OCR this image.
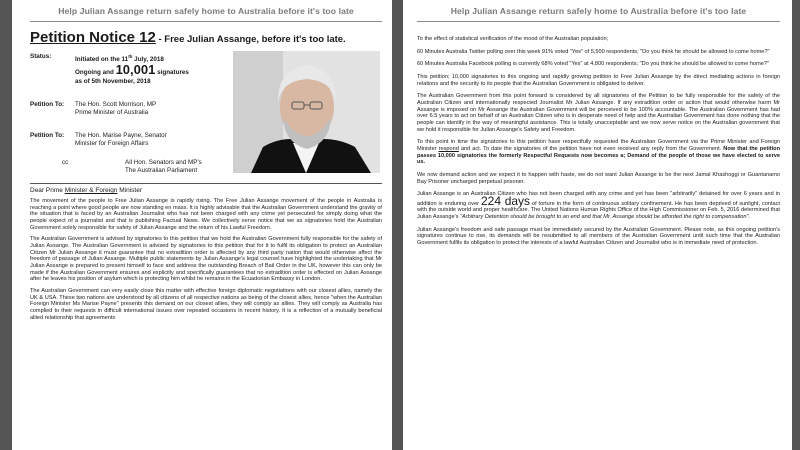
Help Julian Assange return safely home to Australia before it's too late
Petition Notice 12 - Free Julian Assange, before it's too late.
Status:	Initiated on the 11th July, 2018
Ongoing and 10,001 signatures
as of 5th November, 2018
Petition To: The Hon. Scott Morrison, MP
Prime Minister of Australia
Petition To: The Hon. Marise Payne, Senator
Minister for Foreign Affairs
cc	All Hon. Senators and MP's
The Australian Parliament
Dear Prime Minister & Foreign Minister

The movement of the people to Free Julian Assange is rapidly rising. The Free Julian Assange movement of the people in Australia is reaching a point where good people are now standing en mass. It is highly advisable that the Australian Government understand the gravity of the situation that is faced by an Australian Journalist who has not been charged with any crime yet persecuted for simply doing what the people expect of a journalist and that is publishing Factual News. We collectively serve notice that we as signatories hold the Australian Government solely responsible for safety of Julian Assange and the return of his Lawful Freedom.

The Australian Government is advised by signatories to this petition that we hold the Australian Government fully responsible for the safety of Julian Assange. The Australian Government is advised by signatories to this petition that for it to fulfil its obligation to protect an Australian Citizen Mr Julian Assange it must guarantee that no extradition order is affected by any third party nation that would otherwise affect the freedom of passage of Julian Assange. Multiple public statements by Julian Assange's legal counsel have highlighted the undertaking that Mr Julian Assange is prepared to present himself to face and address the outstanding Breach of Bail Order in the UK, however this can only be made if the Australian Government ensures and explicitly and specifically guarantees that no extradition order is effected on Julian Assange after he leaves his position of asylum which is protecting him whilst he remains in the Ecuadorian Embassy in London.

The Australian Government can very easily close this matter with effective foreign diplomatic negotiations with our closest allies, namely the UK & USA. These two nations are understood by all citizens of all respective nations as being of the closest allies, hence "when the Australian Foreign Minister Ms Marise Payne" presents this demand on our closest allies, they will comply as allies. They will comply as Australia has complied to their requests in difficult international issues over repeated occasions in recent history. It is a reflection of a mutually beneficial allied relationship that agreements

Help Julian Assange return safely home to Australia before it's too late

To the effect of statistical verification of the mood of the Australian population;

60 Minutes Australia Twitter polling over this week 91% voted "Yes" of 5,500 respondents; "Do you think he should be allowed to come home?"

60 Minutes Australia Facebook polling is currently 68% voted "Yes" at 4,800 respondents; "Do you think he should be allowed to come home?"

This petition; 10,000 signatories to this ongoing and rapidly growing petition to Free Julian Assange by the direct mediating actions in foreign relations and the security to its people that the Australian Government is obligated to deliver.

The Australian Government from this point forward is considered by all signatories of the Petition to be fully responsible for the safety of the Australian Citizen and internationally respected Journalist Mr Julian Assange. If any extradition order or action that would otherwise harm Mr Assange is imposed on Mr Assange the Australian Government will be perceived to be 100% accountable. The Australian Government has had over 6.5 years to act on behalf of an Australian Citizen who is in desperate need of help and the Australian Government has done nothing that the people can identify in the way of meaningful assistance. This is totally unacceptable and we now serve notice on the Australian government that we hold it responsible for Julian Assange's Safety and Freedom.

To this point in time the signatories to this petition have respectfully requested the Australian Government via the Prime Minister and Foreign Minister respond and act. To date the signatories of the petition have not even received any reply from the Government. Now that the petition passes 10,000 signatories the formerly Respectful Requests now becomes a; Demand of the people of those we have elected to serve us.

We now demand action and we expect it to happen with haste, we do not want Julian Assange to be the next Jamal Khashoggi or Guantanamo Bay Prisoner uncharged perpetual prisoner.

Julian Assange is an Australian Citizen who has not been charged with any crime and yet has been "arbitrarily" detained for over 6 years and in addition is enduring over 224 days of torture in the form of continuous solitary confinement. He has been deprived of sunlight, contact with the outside world and proper healthcare. The United Nations Human Rights Office of the High Commissioner on Feb. 5, 2016 determined that Julian Assange's "Arbitrary Detention should be brought to an end and that Mr. Assange should be afforded the right to compensation".

Julian Assange's freedom and safe passage must be immediately secured by the Australian Government. Please note, as this ongoing petition's signatures continue to rise, its demands will be resubmitted to all members of the Australian Government until such time that the Australian Government fulfils its obligation to protect the interests of a lawful Australian Citizen and Journalist who is in immediate need of protection.
